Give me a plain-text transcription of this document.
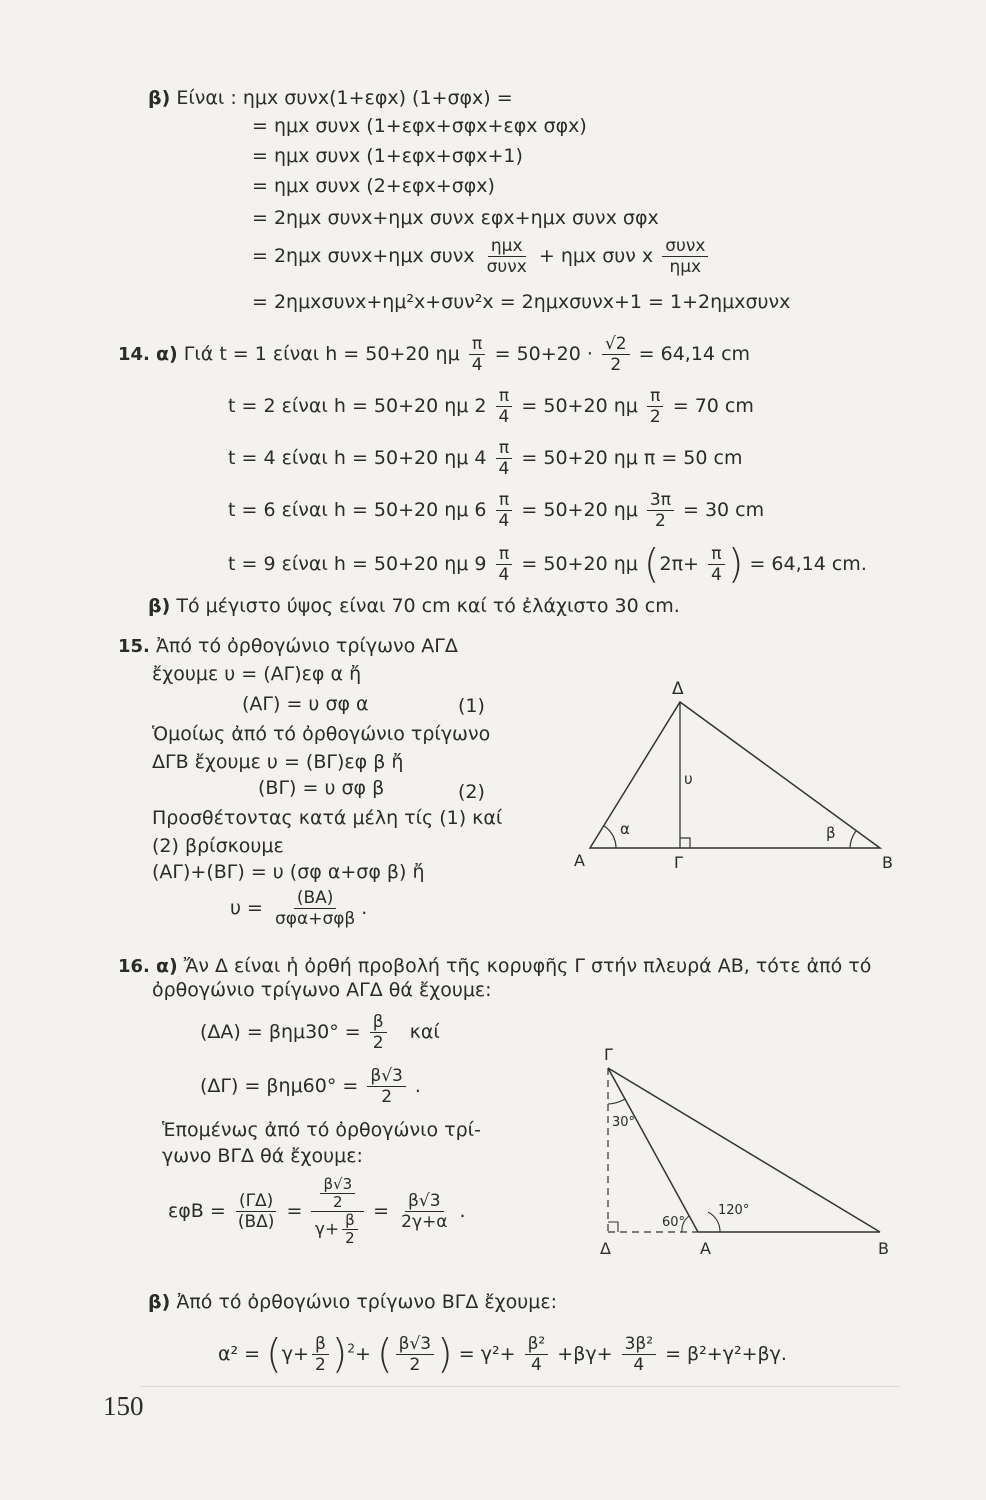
β) Είναι : ημx συνx(1+εφx) (1+σφx) =
= ημx συνx (1+εφx+σφx+εφx σφx)
= ημx συνx (1+εφx+σφx+1)
= ημx συνx (2+εφx+σφx)
= 2ημx συνx+ημx συνx εφx+ημx συνx σφx
= 2ημx συνx+ημx συνx $\frac{\text{ημx}}{\text{συνx}} + \eta\mu x$ συν x $\frac{\text{συνx}}{\text{ημx}}$
= 2ημxσυνx+ημ²x+συν²x = 2ημxσυνx+1 = 1+2ημxσυνx
14. α) Γιά t = 1 είναι h = 50+20 ημ $\frac{\pi}{4} = 50+20 \cdot \frac{√2}{2} = 64,14$ cm
t = 2 είναι h = 50+20 ημ $2 \frac{\pi}{4} = 50+20$ ημ $\frac{\pi}{2} = 70$ cm
t = 4 είναι h = 50+20 ημ $4 \frac{\pi}{4} = 50+20$ ημ π = 50 cm
t = 6 είναι h = 50+20 ημ $6 \frac{\pi}{4} = 50+20$ ημ $\frac{3\pi}{2} = 30$ cm
t = 9 είναι h = 50+20 ημ $9 \frac{\pi}{4} = 50+20$ ημ ($2\pi+ \frac{\pi}{4}$ ) = 64,14 cm.
β) Τό μέγιστο ύψος είναι 70 cm καί τό ἐλάχιστο 30 cm.
15. Ἀπό τό ὀρθογώνιο τρίγωνο ΑΓΔ
ἔχουμε υ = (ΑΓ)εφ α ἤ
(ΑΓ) = υ σφ α	(1)
Ὁμοίως ἀπό τό ὀρθογώνιο τρίγωνο
ΔΓΒ ἔχουμε υ = (ΒΓ)εφ β ἤ
(ΒΓ) = υ σφ β	(2)
Προσθέτοντας κατά μέλη τίς (1) καί
(2) βρίσκουμε
(ΑΓ)+(ΒΓ) = υ (σφ α+σφ β) ἤ
$\upsilon = \frac{(BA)}{\text{σφα+σφβ}}$ .
Δ
Α	Γ	Β
υ
α	β
16. α) Ἄν Δ είναι ἡ ὀρθή προβολή τῆς κορυφῆς Γ στήν πλευρά ΑΒ, τότε ἀπό τό
ὀρθογώνιο τρίγωνο ΑΓΔ θά ἔχουμε:
$(\Delta A) = \beta\eta\mu 30^\circ = \frac{\beta}{2}$ καί
$(\Delta\Gamma) = \beta\eta\mu 60^\circ = \frac{\beta√3}{2}$ .
Ἑπομένως ἀπό τό ὀρθογώνιο τρί-
γωνο ΒΓΔ θά ἔχουμε:
$\varepsilon\varphi B = \frac{(\Gamma\Delta)}{(B\Delta)} = \frac{\frac{\beta√3}{2}}{\gamma+ \frac{\beta}{2}} = \frac{\beta√3}{2\gamma+\alpha}$ .
β) Ἀπό τό ὀρθογώνιο τρίγωνο ΒΓΔ ἔχουμε:
$\alpha^2 = (\gamma+ \frac{\beta}{2} )^2+$ ( $\frac{\beta√3}{2}$ ) = $\gamma^2+ \frac{\text{β²}}{4} +\beta\gamma+ \frac{\text{3β²}}{4} = \beta^2+\gamma^2+\beta\gamma$.
Γ
Δ	Α	Β
30°
60°
120°
150
